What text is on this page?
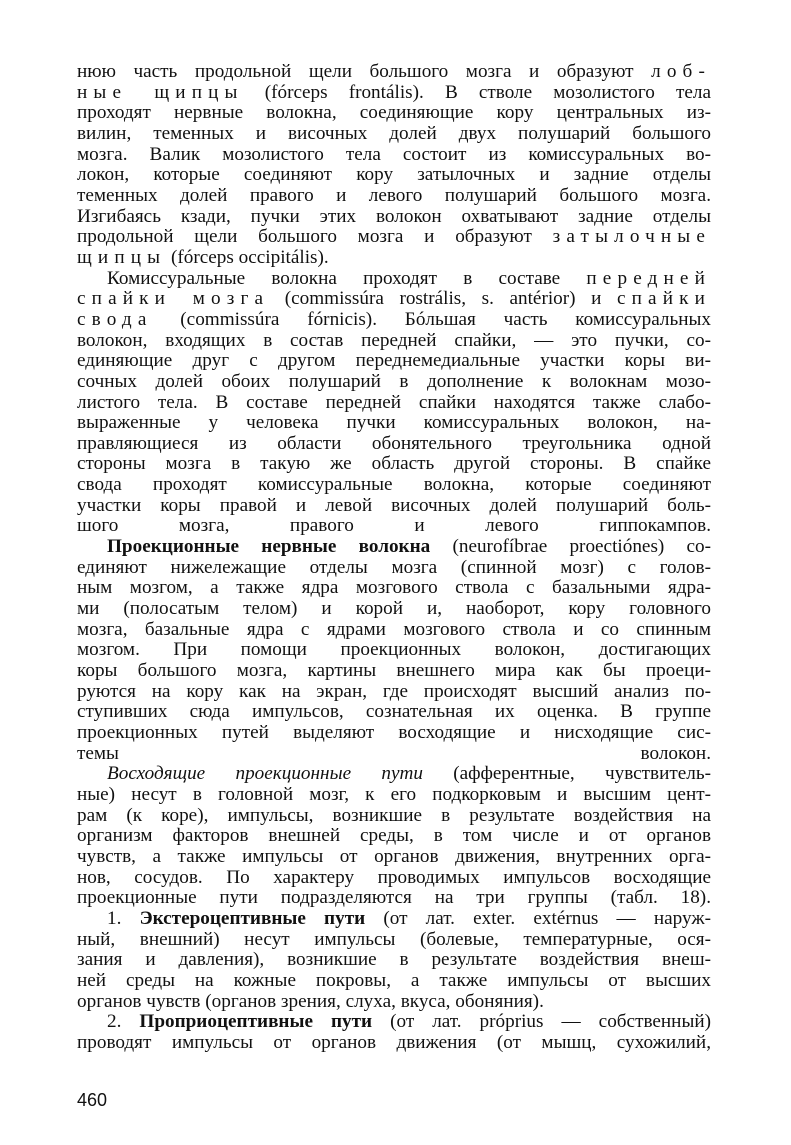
нюю часть продольной щели большого мозга и образуют лоб-
ные щипцы (fórceps frontális). В стволе мозолистого тела
проходят нервные волокна, соединяющие кору центральных из-
вилин, теменных и височных долей двух полушарий большого
мозга. Валик мозолистого тела состоит из комиссуральных во-
локон, которые соединяют кору затылочных и задние отделы
теменных долей правого и левого полушарий большого мозга.
Изгибаясь кзади, пучки этих волокон охватывают задние отделы
продольной щели большого мозга и образуют затылочные
щипцы (fórceps occipitális).
Комиссуральные волокна проходят в составе передней
спайки мозга (commissúra rostrális, s. antérior) и спайки
свода (commissúra fórnicis). Бóльшая часть комиссуральных
волокон, входящих в состав передней спайки, — это пучки, со-
единяющие друг с другом переднемедиальные участки коры ви-
сочных долей обоих полушарий в дополнение к волокнам мозо-
листого тела. В составе передней спайки находятся также слабо-
выраженные у человека пучки комиссуральных волокон, на-
правляющиеся из области обонятельного треугольника одной
стороны мозга в такую же область другой стороны. В спайке
свода проходят комиссуральные волокна, которые соединяют
участки коры правой и левой височных долей полушарий боль-
шого мозга, правого и левого гиппокампов.
Проекционные нервные волокна (neurofíbrae proectiónes) со-
единяют нижележащие отделы мозга (спинной мозг) с голов-
ным мозгом, а также ядра мозгового ствола с базальными ядра-
ми (полосатым телом) и корой и, наоборот, кору головного
мозга, базальные ядра с ядрами мозгового ствола и со спинным
мозгом. При помощи проекционных волокон, достигающих
коры большого мозга, картины внешнего мира как бы проеци-
руются на кору как на экран, где происходят высший анализ по-
ступивших сюда импульсов, сознательная их оценка. В группе
проекционных путей выделяют восходящие и нисходящие сис-
темы волокон.
Восходящие проекционные пути (афферентные, чувствитель-
ные) несут в головной мозг, к его подкорковым и высшим цент-
рам (к коре), импульсы, возникшие в результате воздействия на
организм факторов внешней среды, в том числе и от органов
чувств, а также импульсы от органов движения, внутренних орга-
нов, сосудов. По характеру проводимых импульсов восходящие
проекционные пути подразделяются на три группы (табл. 18).
1. Экстероцептивные пути (от лат. exter. extérnus — наруж-
ный, внешний) несут импульсы (болевые, температурные, ося-
зания и давления), возникшие в результате воздействия внеш-
ней среды на кожные покровы, а также импульсы от высших
органов чувств (органов зрения, слуха, вкуса, обоняния).
2. Проприоцептивные пути (от лат. próprius — собственный)
проводят импульсы от органов движения (от мышц, сухожилий,
460
